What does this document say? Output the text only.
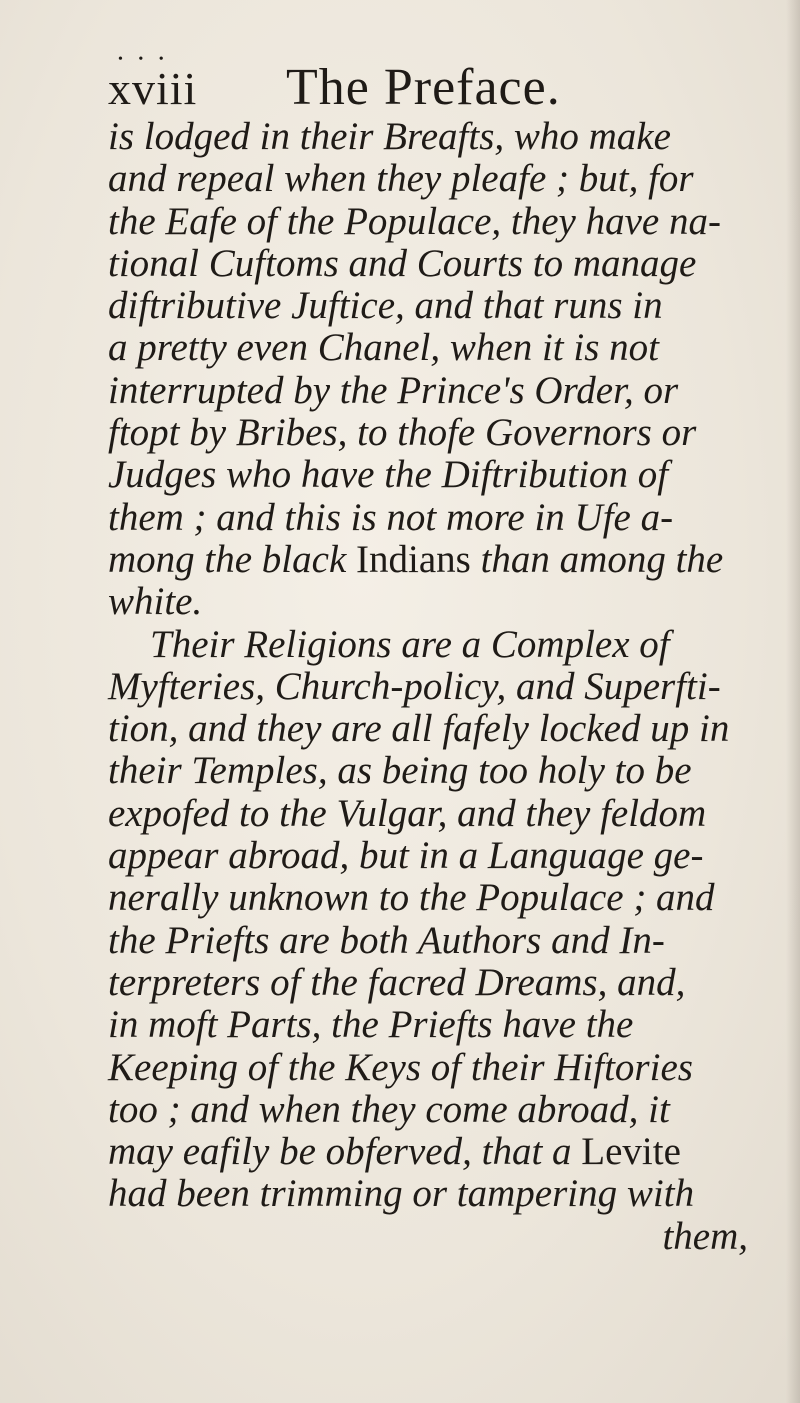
• • •
xviii The Preface.
is lodged in their Breafts, who make
and repeal when they pleafe ; but, for
the Eafe of the Populace, they have na-
tional Cuftoms and Courts to manage
diftributive Juftice, and that runs in
a pretty even Chanel, when it is not
interrupted by the Prince's Order, or
ftopt by Bribes, to thofe Governors or
Judges who have the Diftribution of
them ; and this is not more in Ufe a-
mong the black Indians than among the
white.
Their Religions are a Complex of
Myfteries, Church-policy, and Superfti-
tion, and they are all fafely locked up in
their Temples, as being too holy to be
expofed to the Vulgar, and they feldom
appear abroad, but in a Language ge-
nerally unknown to the Populace ; and
the Priefts are both Authors and In-
terpreters of the facred Dreams, and,
in moft Parts, the Priefts have the
Keeping of the Keys of their Hiftories
too ; and when they come abroad, it
may eafily be obferved, that a Levite
had been trimming or tampering with
them,
